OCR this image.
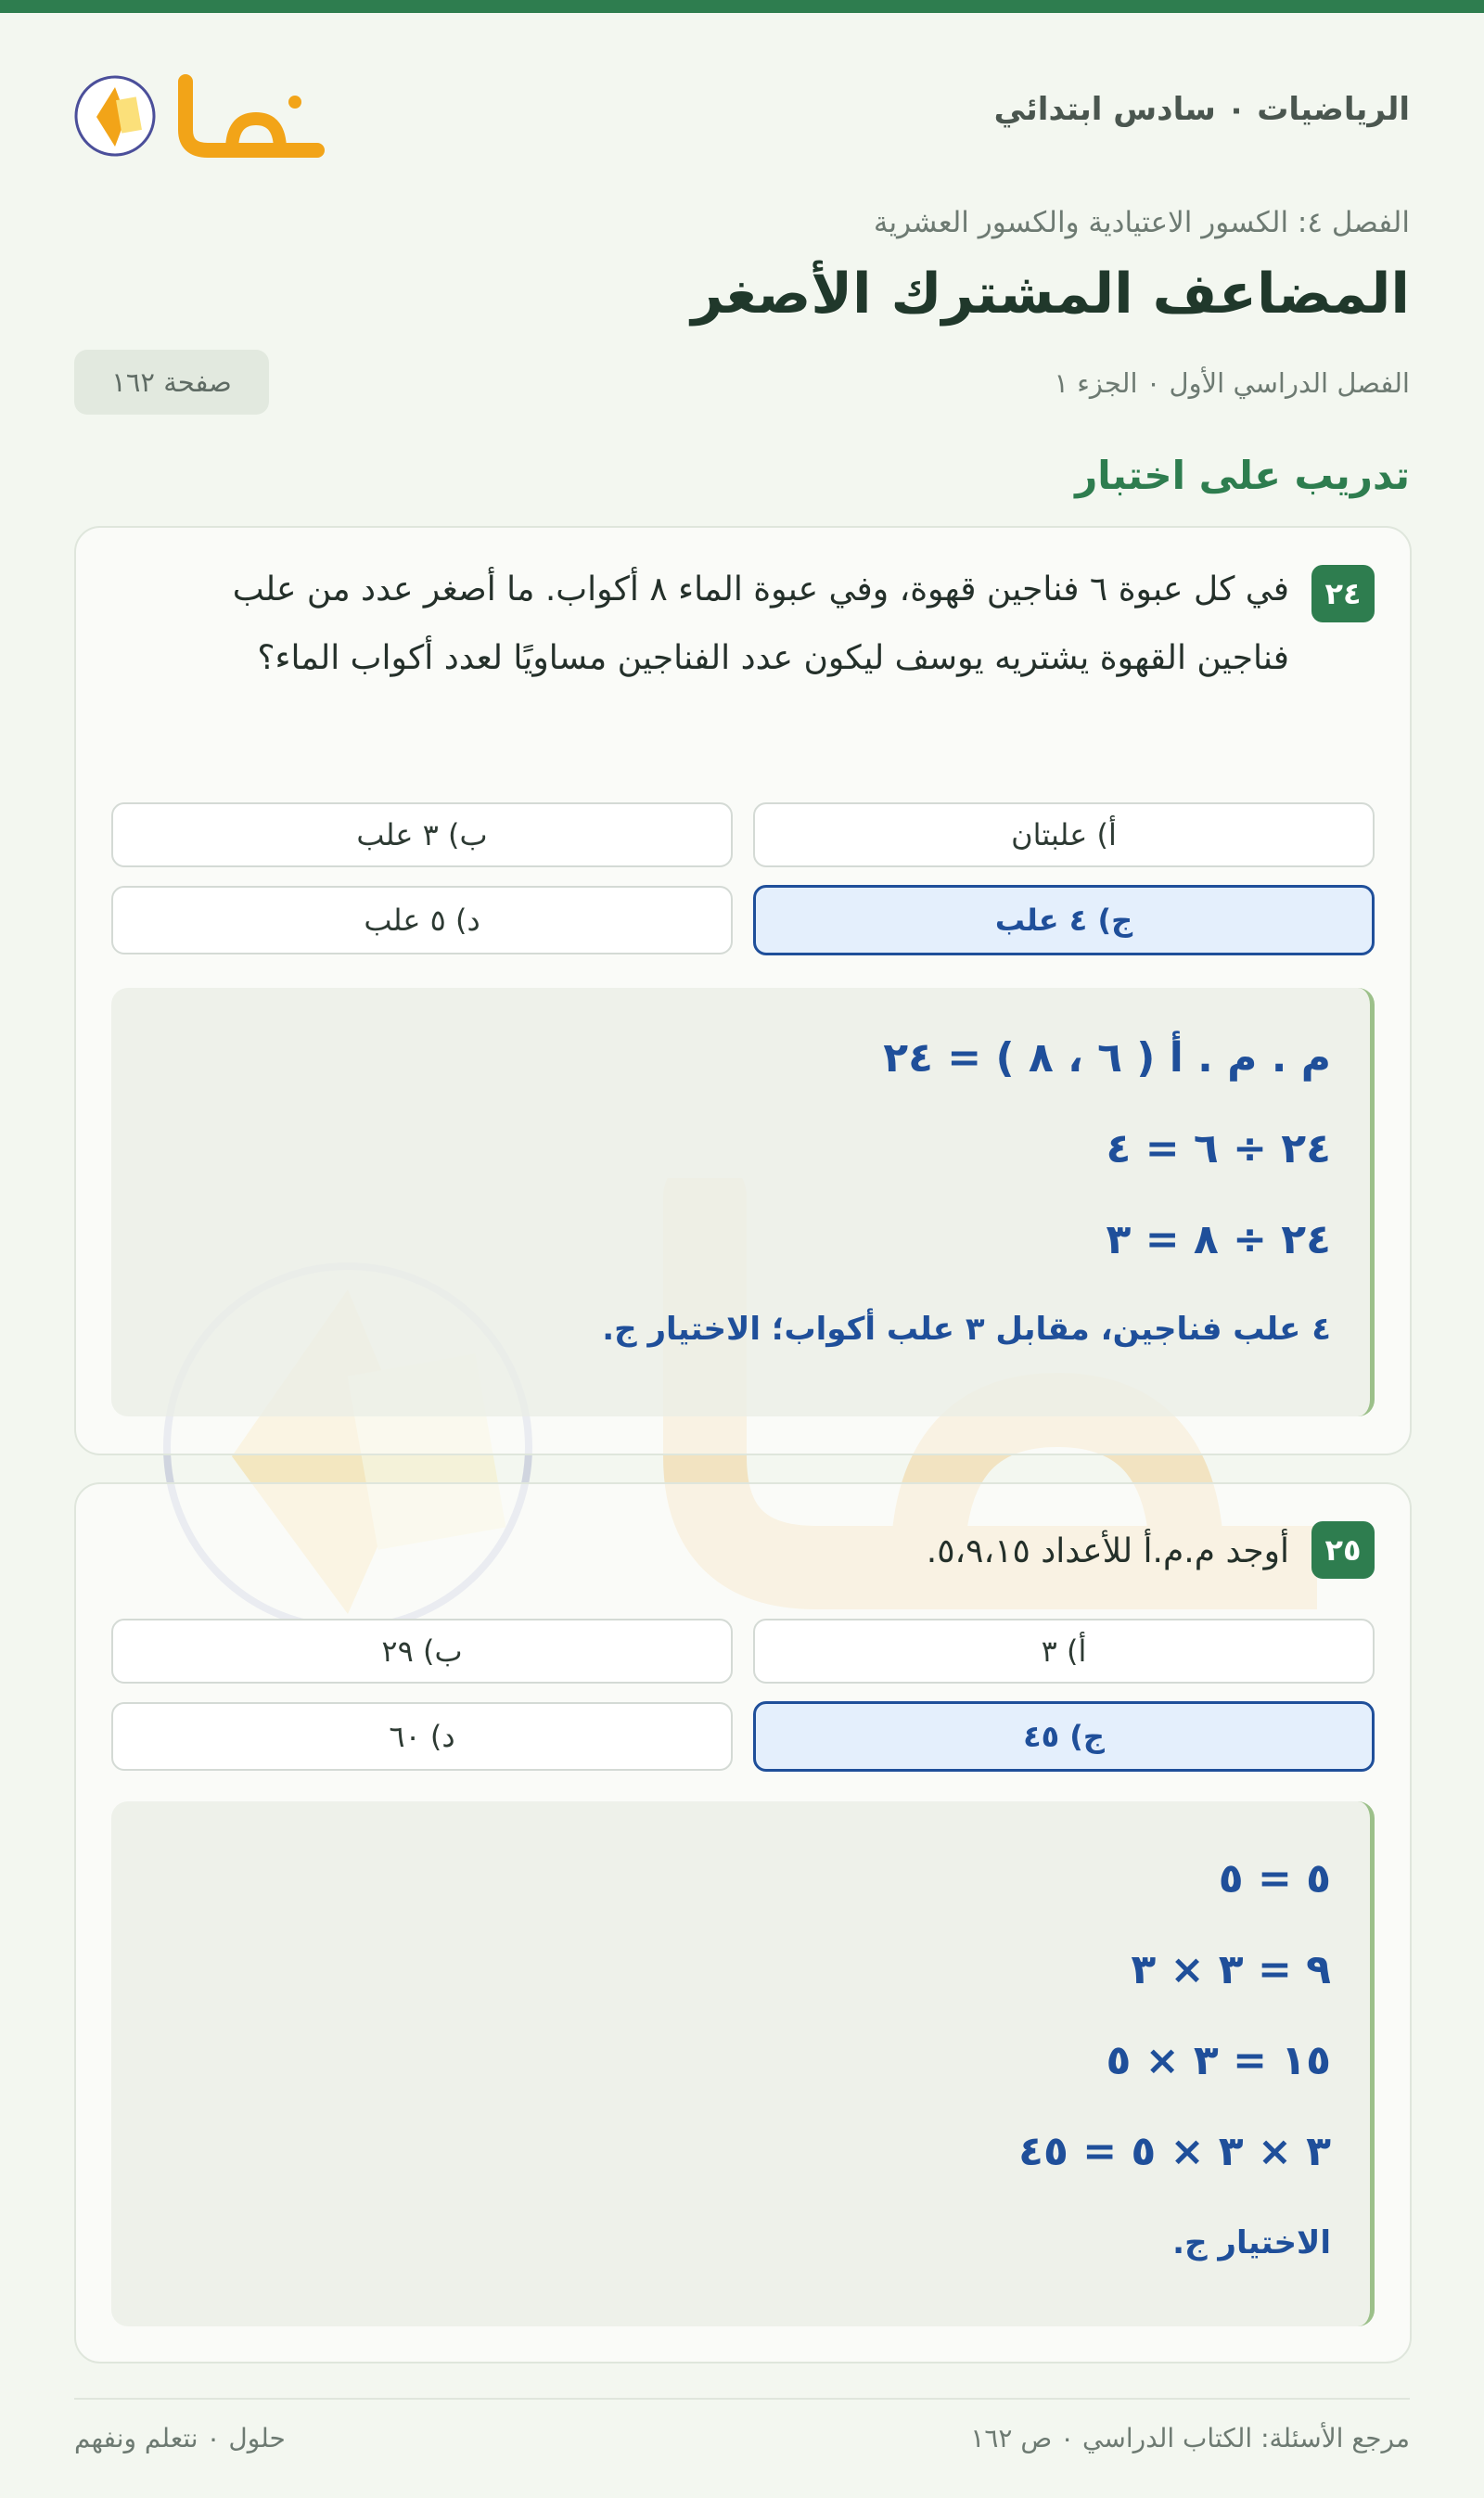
الرياضيات ٠ سادس ابتدائي
الفصل ٤: الكسور الاعتيادية والكسور العشرية
المضاعف المشترك الأصغر
الفصل الدراسي الأول ٠ الجزء ١
صفحة ١٦٢
تدريب على اختبار
٢٤
في كل عبوة ٦ فناجين قهوة، وفي عبوة الماء ٨ أكواب. ما أصغر عدد من علب فناجين القهوة يشتريه يوسف ليكون عدد الفناجين مساويًا لعدد أكواب الماء؟
أ) علبتان
ب) ٣ علب
ج) ٤ علب
د) ٥ علب
م . م . أ ( ٦ ، ٨ ) = ٢٤
٢٤ ÷ ٦ = ٤
٢٤ ÷ ٨ = ٣
٤ علب فناجين، مقابل ٣ علب أكواب؛ الاختيار ج.
٢٥
أوجد م.م.أ للأعداد ٥،٩،١٥.
أ) ٣
ب) ٢٩
ج) ٤٥
د) ٦٠
٥ = ٥
٩ = ٣ × ٣
١٥ = ٣ × ٥
٣ × ٣ × ٥ = ٤٥
الاختيار ج.
مرجع الأسئلة: الكتاب الدراسي ٠ ص ١٦٢
حلول ٠ نتعلم ونفهم
